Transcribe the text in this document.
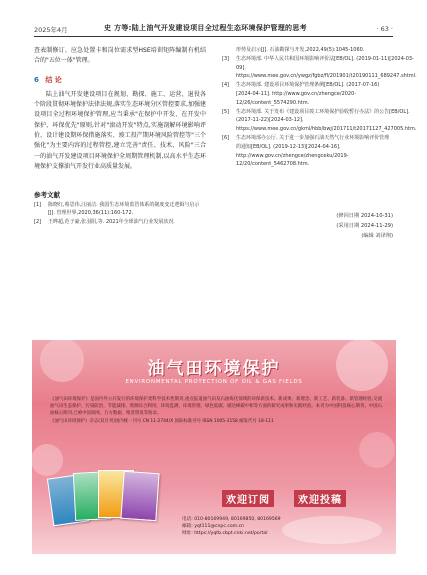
2025年4月	史 方等:陆上油气开发建设项目全过程生态环境保护管理的思考	· 63 ·

查表制修订、应急处置卡和岗位需求型HSE培训矩阵编制有机结合的"五位一体"管理。

6 结 论

陆上油气开发建设项目在规划、勘探、施工、运营、退役各个阶段贯彻环境保护法律法规,落实生态环境分区管控要求,加强建设项目全过程环境保护管理,应当秉承"在保护中开发、在开发中保护、环保优先"原则,针对"滚动开发"特点,实施剖解环境影响评价、设计建设期环保措施落实、竣工投产期环境风险管控等"三个强化"为主要内容的过程管控,建立完善"责任、技术、风险"三合一的油气开发建设项目环境保护全周期管理机制,以高水平生态环境保护支撑油气开发行业高质量发展。

参考文献
[1]	陈晓红,蔡思伟,汪丽洁. 我国生态环境监管体系的制度变迁逻辑与启示[J]. 管理世界,2020,36(11):160-172.
[2]	王晔超,范子豪,张羽阳,等. 2021年全球油气行业发展状况
形势及启示[J]. 石油勘探与开发,2022,49(5):1045-1060.
[3]	生态环境部. 中华人民共和国环境影响评价法[EB/OL]. (2019-01-11)[2024-03-09]. https://www.mee.gov.cn/ywgz/fgbz/fl/201901/t20190111_689247.shtml.
[4]	生态环境部. 建设项目环境保护管理条例[EB/OL]. (2017-07-16)[2024-04-11]. http://www.gov.cn/zhengce/2020-12/26/content_5574290.htm.
[5]	生态环境部. 关于发布《建设项目竣工环境保护验收暂行办法》的公告[EB/OL]. (2017-11-22)[2024-03-12]. https://www.mee.gov.cn/gkml/hbb/bwj/201711/t20171127_427005.htm.
[6]	生态环境部办公厅. 关于进一步加强石油天然气行业环境影响评价管理的通知[EB/OL]. (2019-12-13)[2024-04-16]. http://www.gov.cn/zhengce/zhengceku/2019-12/20/content_5462708.htm.
(修回日期 2024-10-31)
(采用日期 2024-11-29)
(编辑 刘译翔)
油气田环境保护
ENVIRONMENTAL PROTECTION OF OIL & GAS FIELDS
《油气田环境保护》是国内外公开发行的环境保护类科学技术性期刊,重点报道油气田及石油炼化领域的环保新技术、新成果、新理念、新工艺、新装备、新管理经验,交流油气田生态保护、污染防治、节能减排、资源综合利用、环境监测、环境管理、绿色低碳、碳达峰碳中和等方面的研究成果和实践经验。本刊为中国科技核心期刊、中国石油核心期刊,已被中国知网、万方数据、维普资讯等收录。
《油气田环境保护》杂志(双月刊)国内统一刊号 CN 11-2744/X 国际标准刊号 ISSN 1005-3158 邮发代号 18-111
欢迎订阅	欢迎投稿
电话: 010-80169949, 80169850, 80169569
邮箱: yqt111@cnpc.com.cn
网址: https://yqtb.cbpt.cnki.net/portal
